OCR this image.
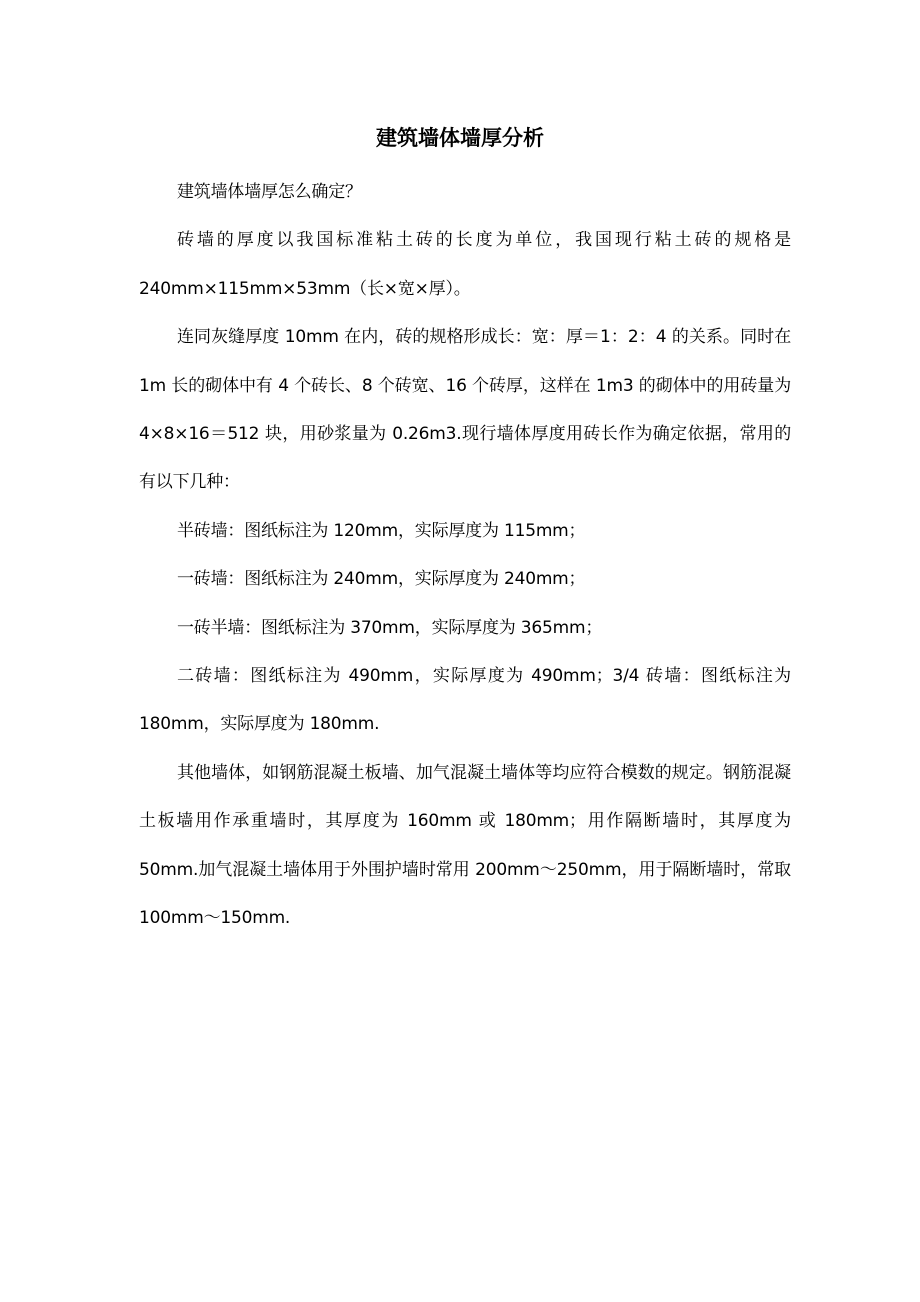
建筑墙体墙厚分析

建筑墙体墙厚怎么确定？

砖墙的厚度以我国标准粘土砖的长度为单位，我国现行粘土砖的规格是240mm×115mm×53mm（长×宽×厚）。

连同灰缝厚度 10mm 在内，砖的规格形成长：宽：厚＝1：2：4 的关系。同时在 1m 长的砌体中有 4 个砖长、8 个砖宽、16 个砖厚，这样在 1m3 的砌体中的用砖量为 4×8×16＝512 块，用砂浆量为 0.26m3.现行墙体厚度用砖长作为确定依据，常用的有以下几种：

半砖墙：图纸标注为 120mm，实际厚度为 115mm；

一砖墙：图纸标注为 240mm，实际厚度为 240mm；

一砖半墙：图纸标注为 370mm，实际厚度为 365mm；

二砖墙：图纸标注为 490mm，实际厚度为 490mm；3/4 砖墙：图纸标注为 180mm，实际厚度为 180mm.

其他墙体，如钢筋混凝土板墙、加气混凝土墙体等均应符合模数的规定。钢筋混凝土板墙用作承重墙时，其厚度为 160mm 或 180mm；用作隔断墙时，其厚度为 50mm.加气混凝土墙体用于外围护墙时常用 200mm～250mm，用于隔断墙时，常取 100mm～150mm.
